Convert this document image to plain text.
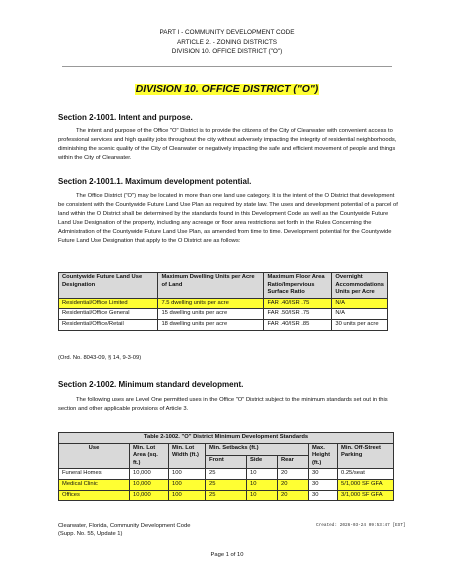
PART I - COMMUNITY DEVELOPMENT CODE
ARTICLE 2. - ZONING DISTRICTS
DIVISION 10. OFFICE DISTRICT ("O")
DIVISION 10. OFFICE DISTRICT ("O")
Section 2-1001. Intent and purpose.
The intent and purpose of the Office "O" District is to provide the citizens of the City of Clearwater with convenient access to professional services and high quality jobs throughout the city without adversely impacting the integrity of residential neighborhoods, diminishing the scenic quality of the City of Clearwater or negatively impacting the safe and efficient movement of people and things within the City of Clearwater.
Section 2-1001.1. Maximum development potential.
The Office District ("O") may be located in more than one land use category. It is the intent of the O District that development be consistent with the Countywide Future Land Use Plan as required by state law. The uses and development potential of a parcel of land within the O District shall be determined by the standards found in this Development Code as well as the Countywide Future Land Use Designation of the property, including any acreage or floor area restrictions set forth in the Rules Concerning the Administration of the Countywide Future Land Use Plan, as amended from time to time. Development potential for the Countywide Future Land Use Designation that apply to the O District are as follows:
Countywide Future Land Use Designation	Maximum Dwelling Units per Acre of Land	Maximum Floor Area Ratio/Impervious Surface Ratio	Overnight Accommodations Units per Acre
Residential/Office Limited	7.5 dwelling units per acre	FAR .40/ISR .75	N/A
Residential/Office General	15 dwelling units per acre	FAR .50/ISR .75	N/A
Residential/Office/Retail	18 dwelling units per acre	FAR .40/ISR .85	30 units per acre
(Ord. No. 8043-09, § 14, 9-3-09)
Section 2-1002. Minimum standard development.
The following uses are Level One permitted uses in the Office "O" District subject to the minimum standards set out in this section and other applicable provisions of Article 3.
Table 2-1002. "O" District Minimum Development Standards							
Use	Min. Lot Area (sq. ft.)	Min. Lot Width (ft.)	Min. Setbacks (ft.)			Max. Height (ft.)	Min. Off-Street Parking
			Front	Side	Rear		
Funeral Homes	10,000	100	25	10	20	30	0.25/seat
Medical Clinic	10,000	100	25	10	20	30	5/1,000 SF GFA
Offices	10,000	100	25	10	20	30	3/1,000 SF GFA
Clearwater, Florida, Community Development Code
(Supp. No. 55, Update 1)
Created: 2026-03-24 09:53:47 [EST]
Page 1 of 10
